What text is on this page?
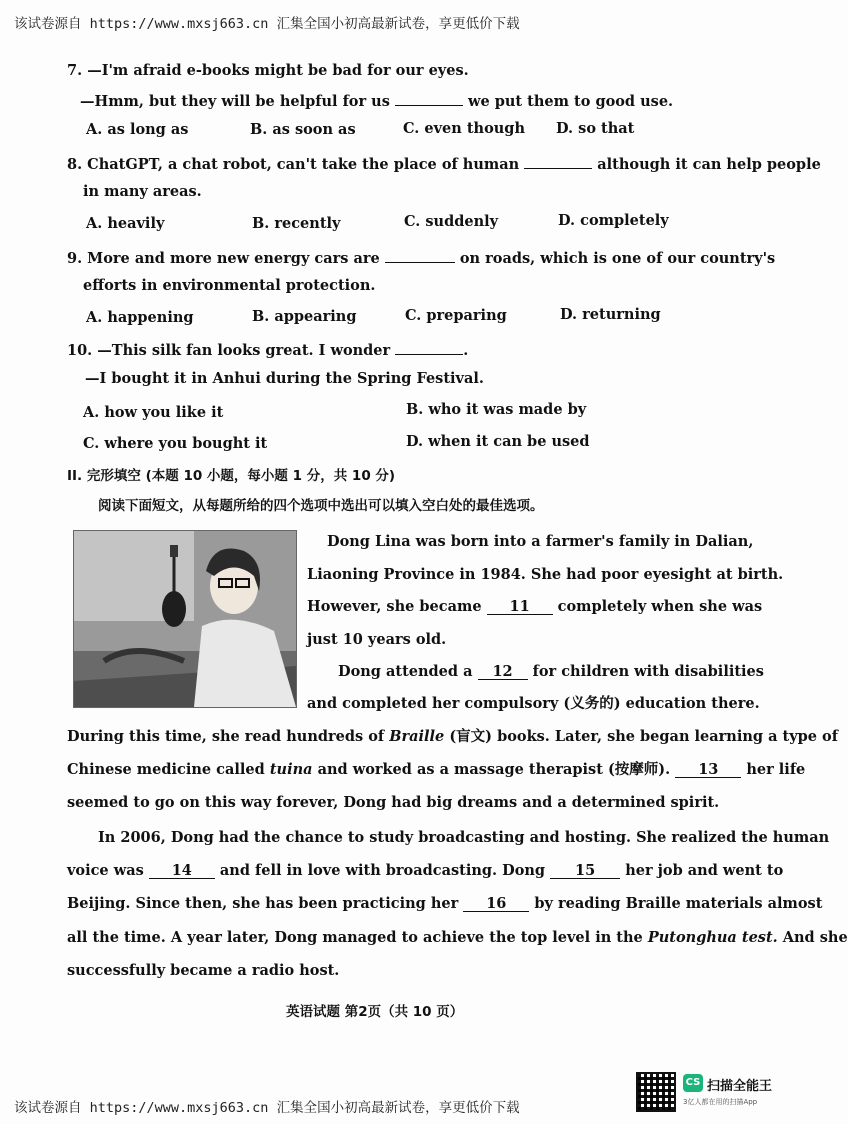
该试卷源自 https://www.mxsj663.cn 汇集全国小初高最新试卷，享更低价下载
7. —I'm afraid e-books might be bad for our eyes.
—Hmm, but they will be helpful for us	we put them to good use.
A. as long as	B. as soon as	C. even though D. so that
8. ChatGPT, a chat robot, can't take the place of human	although it can help people
in many areas.
A. heavily	B. recently	C. suddenly	D. completely
9. More and more new energy cars are	on roads, which is one of our country's
efforts in environmental protection.
A. happening	B. appearing	C. preparing	D. returning
10. —This silk fan looks great. I wonder	.
—I bought it in Anhui during the Spring Festival.
A. how you like it	B. who it was made by
C. where you bought it	D. when it can be used
II. 完形填空 (本题 10 小题，每小题 1 分，共 10 分)
阅读下面短文，从每题所给的四个选项中选出可以填入空白处的最佳选项。
Dong Lina was born into a farmer's family in Dalian,
Liaoning Province in 1984. She had poor eyesight at birth.
However, she became 11 completely when she was
just 10 years old.
Dong attended a 12 for children with disabilities
and completed her compulsory (义务的) education there.
During this time, she read hundreds of Braille (盲文) books. Later, she began learning a type of
Chinese medicine called tuina and worked as a massage therapist (按摩师). 13 her life
seemed to go on this way forever, Dong had big dreams and a determined spirit.
In 2006, Dong had the chance to study broadcasting and hosting. She realized the human
voice was 14 and fell in love with broadcasting. Dong 15 her job and went to
Beijing. Since then, she has been practicing her 16 by reading Braille materials almost
all the time. A year later, Dong managed to achieve the top level in the Putonghua test. And she
successfully became a radio host.
英语试题 第2页（共 10 页）
该试卷源自 https://www.mxsj663.cn 汇集全国小初高最新试卷，享更低价下载
CS 扫描全能王
3亿人都在用的扫描App
